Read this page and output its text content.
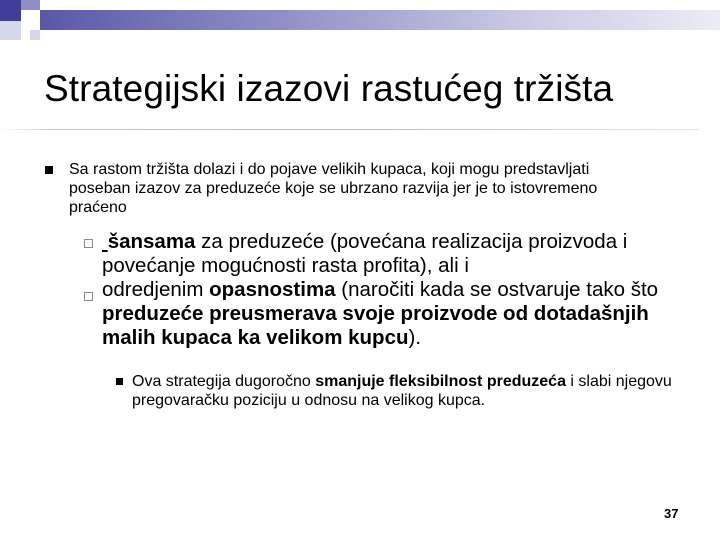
Strategijski izazovi rastućeg tržišta
Sa rastom tržišta dolazi i do pojave velikih kupaca, koji mogu predstavljati poseban izazov za preduzeće koje se ubrzano razvija jer je to istovremeno praćeno
šansama za preduzeće (povećana realizacija proizvoda i povećanje mogućnosti rasta profita), ali i
odredjenim opasnostima (naročiti kada se ostvaruje tako što preduzeće preusmerava svoje proizvode od dotadašnjih malih kupaca ka velikom kupcu).
Ova strategija dugoročno smanjuje fleksibilnost preduzeća i slabi njegovu pregovaračku poziciju u odnosu na velikog kupca.
37
